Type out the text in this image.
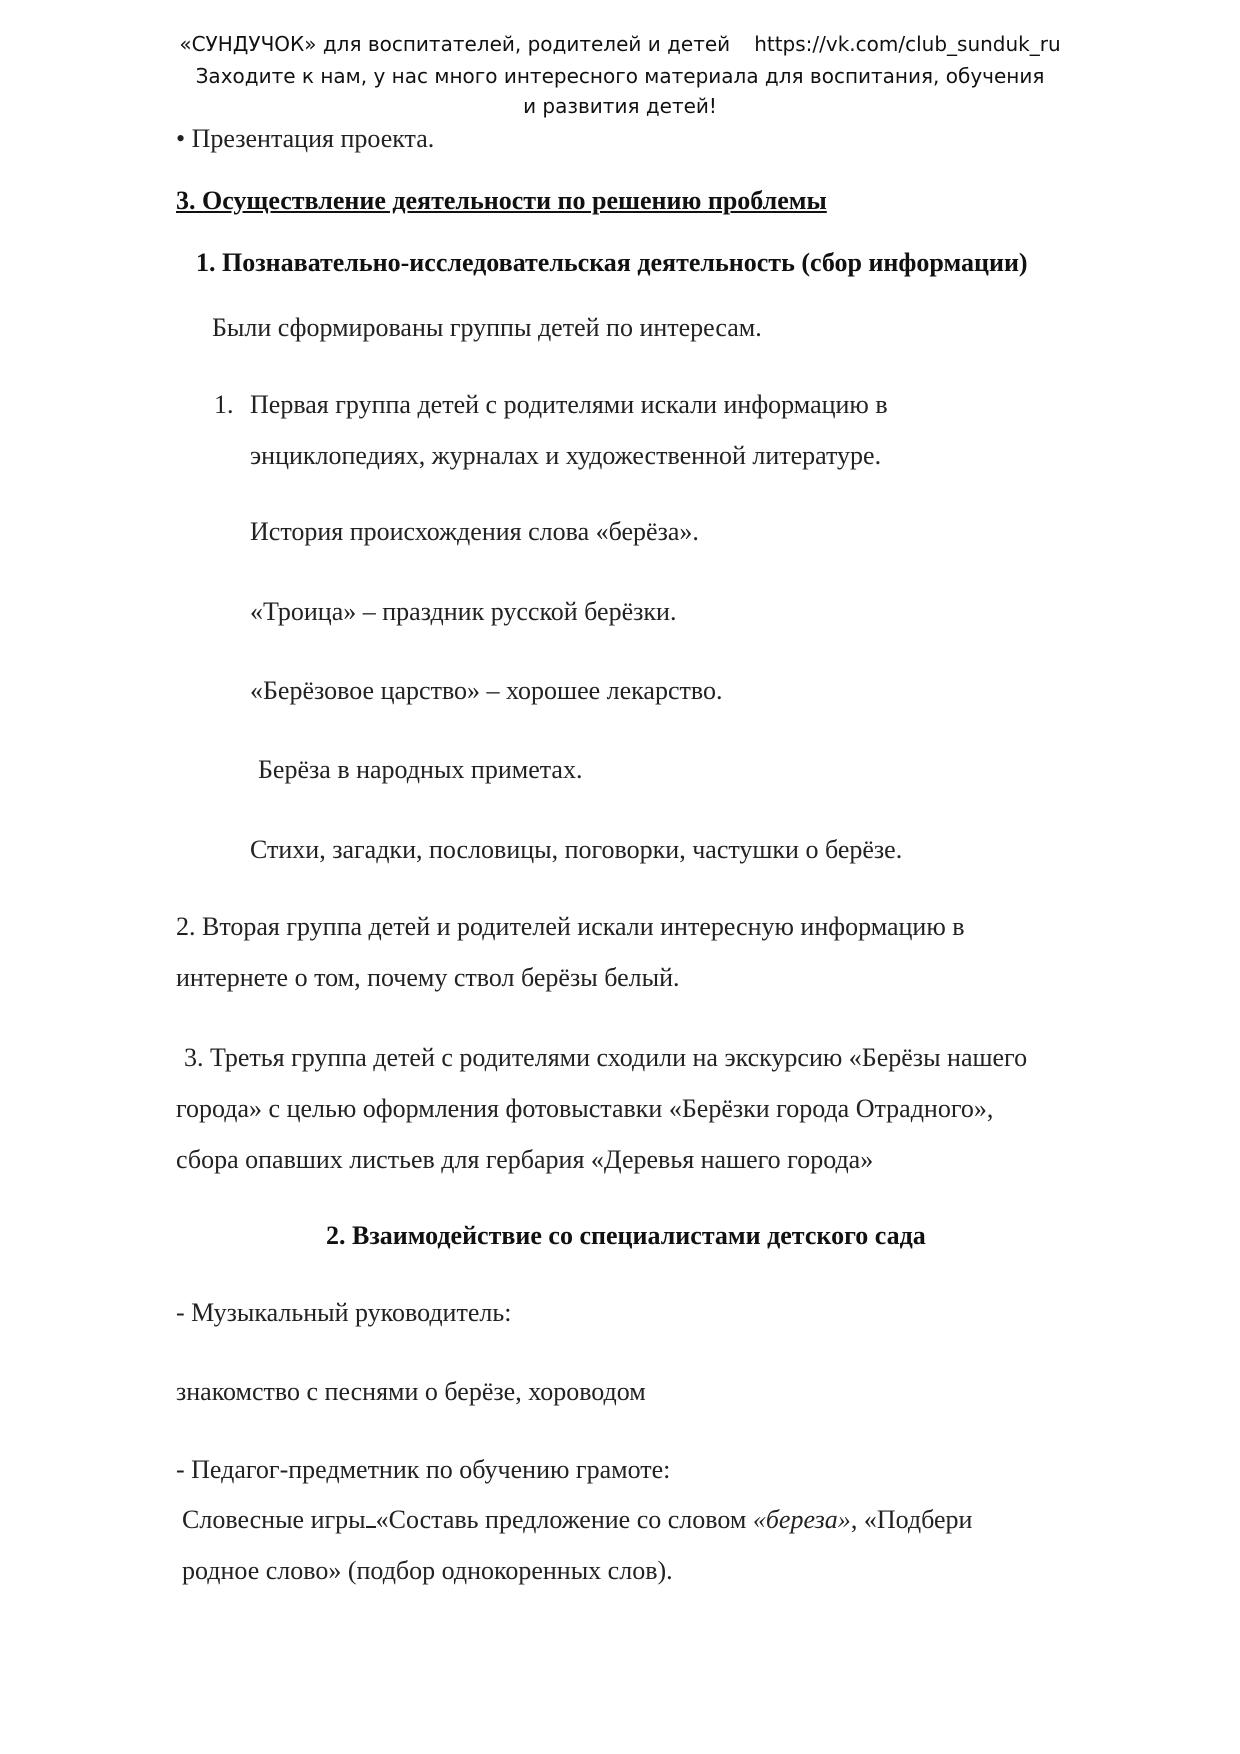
«СУНДУЧОК» для воспитателей, родителей и детей https://vk.com/club_sunduk_ru
Заходите к нам, у нас много интересного материала для воспитания, обучения
и развития детей!
• Презентация проекта.
3. Осуществление деятельности по решению проблемы
1. Познавательно-исследовательская деятельность (сбор информации)
Были сформированы группы детей по интересам.
1. Первая группа детей с родителями искали информацию в
энциклопедиях, журналах и художественной литературе.
История происхождения слова «берёза».
«Троица» – праздник русской берёзки.
«Берёзовое царство» – хорошее лекарство.
Берёза в народных приметах.
Стихи, загадки, пословицы, поговорки, частушки о берёзе.
2. Вторая группа детей и родителей искали интересную информацию в
интернете о том, почему ствол берёзы белый.
3. Третья группа детей с родителями сходили на экскурсию «Берёзы нашего
города» с целью оформления фотовыставки «Берёзки города Отрадного»,
сбора опавших листьев для гербария «Деревья нашего города»
2. Взаимодействие со специалистами детского сада
- Музыкальный руководитель:
знакомство с песнями о берёзе, хороводом
- Педагог-предметник по обучению грамоте:
Словесные игры «Составь предложение со словом «береза», «Подбери
родное слово» (подбор однокоренных слов).
